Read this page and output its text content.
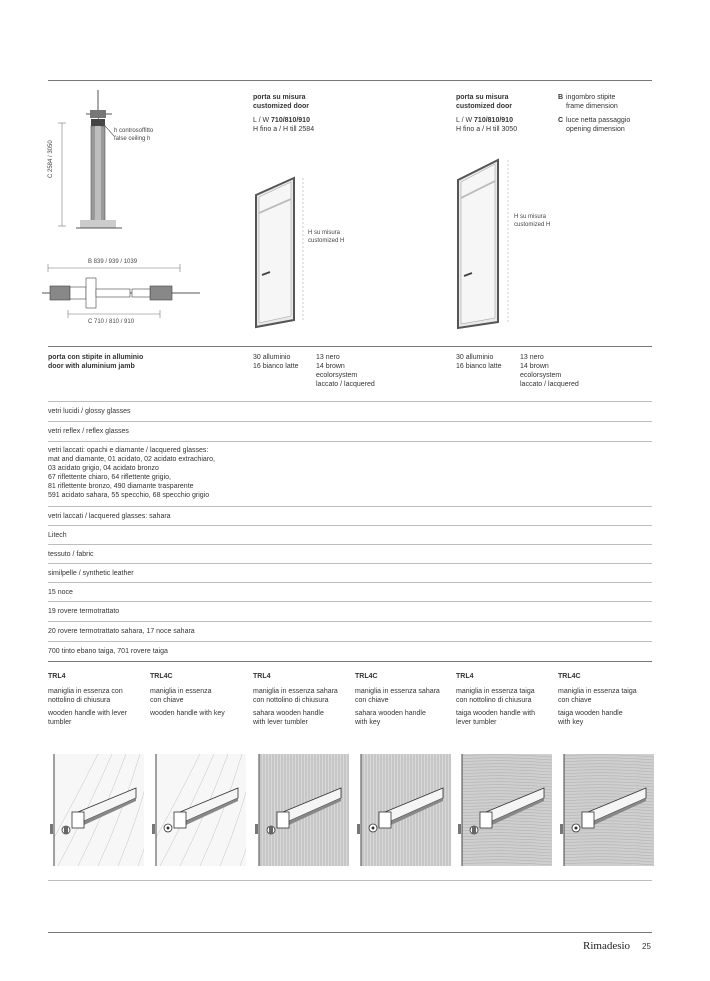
h controsoffitto
false ceiling h
C 2584 / 3050
B 839 / 939 / 1039
C 710 / 810 / 910
porta su misura
customized door
L / W 710/810/910
H fino a / H till 2584
H su misura
customized H
porta su misura
customized door
L / W 710/810/910
H fino a / H till 3050
H su misura
customized H
B ingombro stipite
frame dimension
C luce netta passaggio
opening dimension
porta con stipite in alluminio
door with aluminium jamb
30 alluminio
16 bianco latte
13 nero
14 brown
ecolorsystem
laccato / lacquered
30 alluminio
16 bianco latte
13 nero
14 brown
ecolorsystem
laccato / lacquered
vetri lucidi / glossy glasses
vetri reflex / reflex glasses
vetri laccati: opachi e diamante / lacquered glasses:
mat and diamante, 01 acidato, 02 acidato extrachiaro,
03 acidato grigio, 04 acidato bronzo
67 riflettente chiaro, 64 riflettente grigio,
81 riflettente bronzo, 490 diamante trasparente
591 acidato sahara, 55 specchio, 68 specchio grigio
vetri laccati / lacquered glasses: sahara
Litech
tessuto / fabric
similpelle / synthetic leather
15 noce
19 rovere termotrattato
20 rovere termotrattato sahara, 17 noce sahara
700 tinto ebano taiga, 701 rovere taiga
TRL4
maniglia in essenza con
nottolino di chiusura
wooden handle with lever
tumbler
TRL4C
maniglia in essenza
con chiave
wooden handle with key
TRL4
maniglia in essenza sahara
con nottolino di chiusura
sahara wooden handle
with lever tumbler
TRL4C
maniglia in essenza sahara
con chiave
sahara wooden handle
with key
TRL4
maniglia in essenza taiga
con nottolino di chiusura
taiga wooden handle with
lever tumbler
TRL4C
maniglia in essenza taiga
con chiave
taiga wooden handle
with key
Rimadesio 25
